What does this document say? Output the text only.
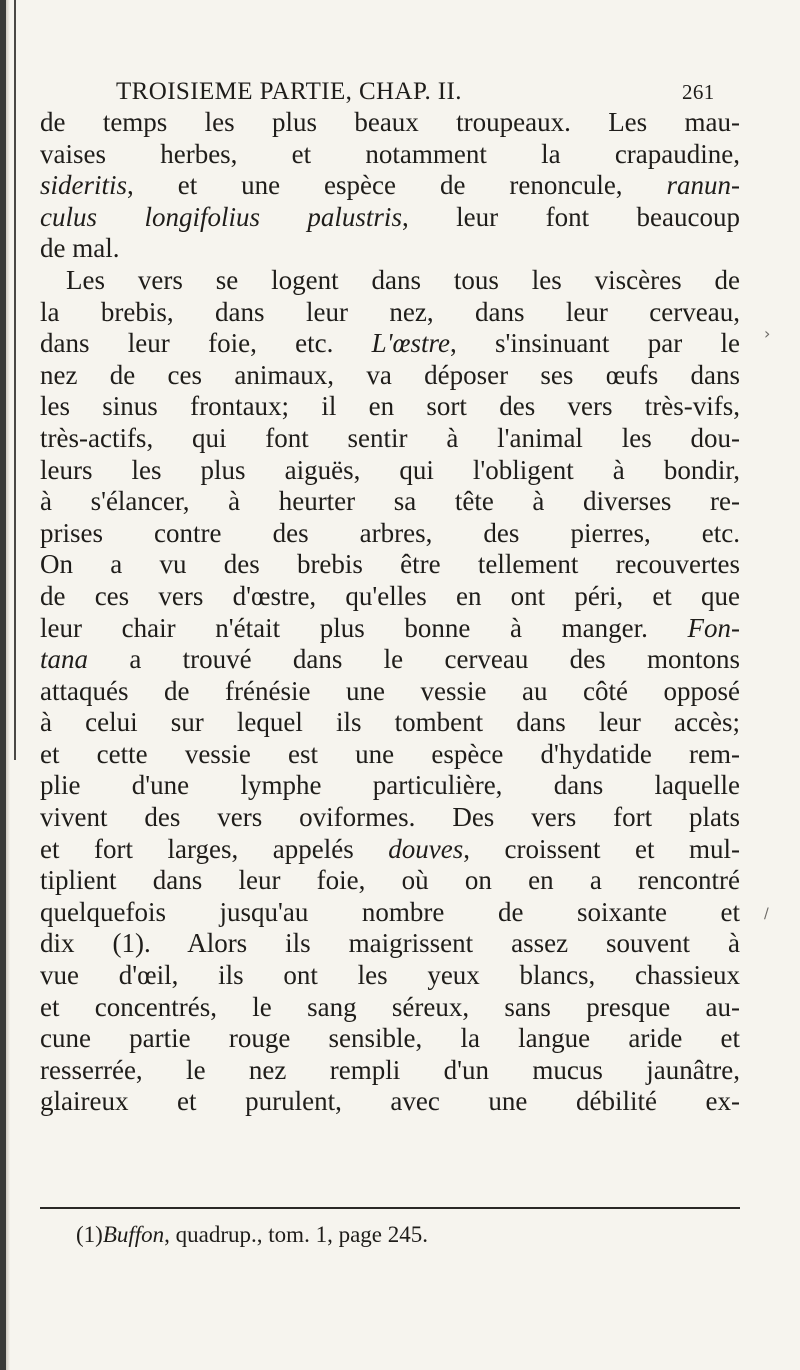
TROISIEME PARTIE, CHAP. II.	261
de temps les plus beaux troupeaux. Les mau-
vaises herbes, et notamment la crapaudine,
sideritis, et une espèce de renoncule, ranun-
culus longifolius palustris, leur font beaucoup
de mal.
Les vers se logent dans tous les viscères de
la brebis, dans leur nez, dans leur cerveau,
dans leur foie, etc. L'œstre, s'insinuant par le
nez de ces animaux, va déposer ses œufs dans
les sinus frontaux; il en sort des vers très-vifs,
très-actifs, qui font sentir à l'animal les dou-
leurs les plus aiguës, qui l'obligent à bondir,
à s'élancer, à heurter sa tête à diverses re-
prises contre des arbres, des pierres, etc.
On a vu des brebis être tellement recouvertes
de ces vers d'œstre, qu'elles en ont péri, et que
leur chair n'était plus bonne à manger. Fon-
tana a trouvé dans le cerveau des montons
attaqués de frénésie une vessie au côté opposé
à celui sur lequel ils tombent dans leur accès;
et cette vessie est une espèce d'hydatide rem-
plie d'une lymphe particulière, dans laquelle
vivent des vers oviformes. Des vers fort plats
et fort larges, appelés douves, croissent et mul-
tiplient dans leur foie, où on en a rencontré
quelquefois jusqu'au nombre de soixante et
dix (1). Alors ils maigrissent assez souvent à
vue d'œil, ils ont les yeux blancs, chassieux
et concentrés, le sang séreux, sans presque au-
cune partie rouge sensible, la langue aride et
resserrée, le nez rempli d'un mucus jaunâtre,
glaireux et purulent, avec une débilité ex-
(1)Buffon, quadrup., tom. 1, page 245.
›
/
